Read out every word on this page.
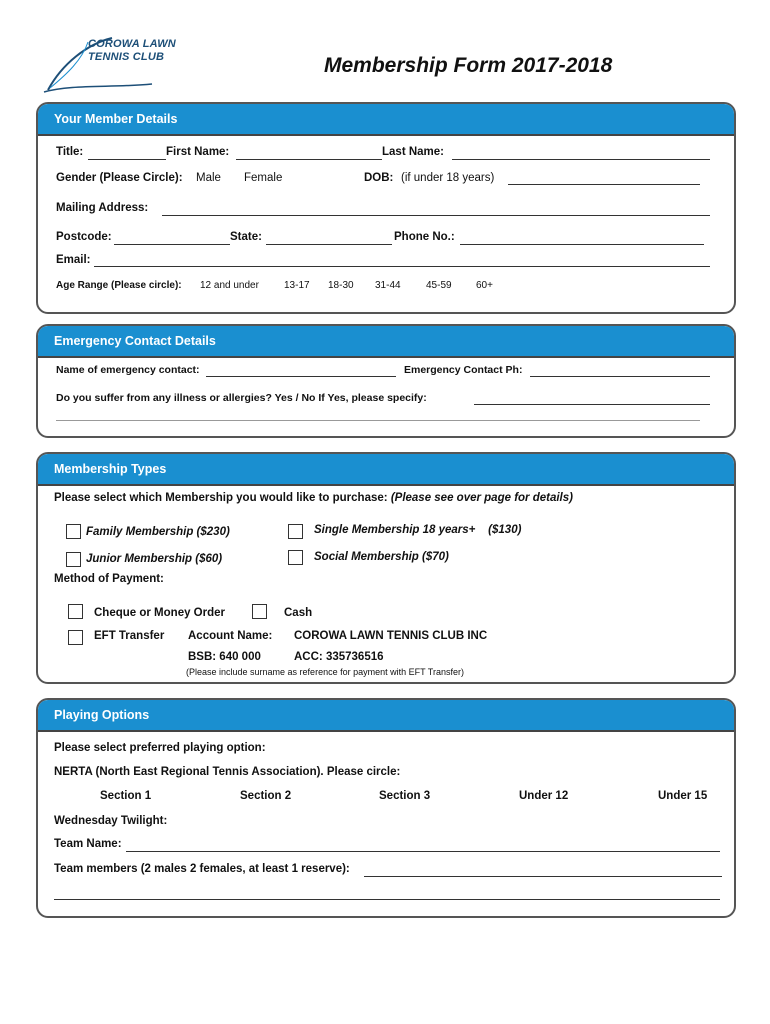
COROWA LAWN
TENNIS CLUB	Membership Form 2017-2018
Your Member Details
Title:	First Name:	Last Name:
Gender (Please Circle): Male Female	DOB: (if under 18 years)
Mailing Address:
Postcode:	State:	Phone No.:
Email:
Age Range (Please circle): 12 and under	13-17 18-30 31-44	45-59 60+
Emergency Contact Details
Name of emergency contact:	Emergency Contact Ph:
Do you suffer from any illness or allergies? Yes / No If Yes, please specify:
Membership Types
Please select which Membership you would like to purchase: (Please see over page for details)
Family Membership ($230)	Single Membership 18 years+    ($130)
Junior Membership ($60)	Social Membership ($70)
Method of Payment:
Cheque or Money Order	Cash
EFT Transfer Account Name: COROWA LAWN TENNIS CLUB INC
BSB: 640 000	ACC: 335736516
(Please include surname as reference for payment with EFT Transfer)
Playing Options
Please select preferred playing option:
NERTA (North East Regional Tennis Association). Please circle:
Section 1	Section 2	Section 3	Under 12	Under 15
Wednesday Twilight:
Team Name:
Team members (2 males 2 females, at least 1 reserve):
